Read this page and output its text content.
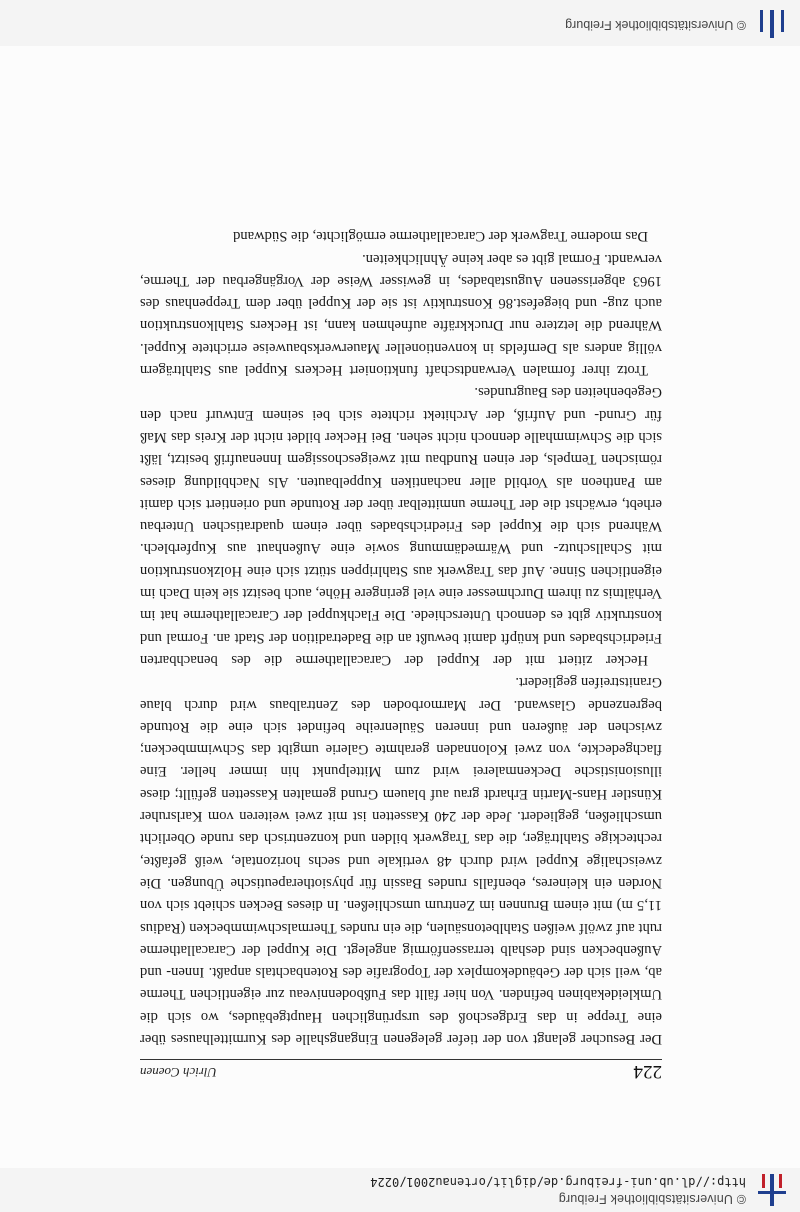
© Universitätsbibliothek Freiburg
http://dl.ub.uni-freiburg.de/diglit/ortenau2001/0224
224
Ulrich Coenen

Der Besucher gelangt von der tiefer gelegenen Eingangshalle des Kurmittelhauses über eine Treppe in das Erdgeschoß des ursprünglichen Hauptgebäudes, wo sich die Umkleidekabinen befinden. Von hier fällt das Fußbodenniveau zur eigentlichen Therme ab, weil sich der Gebäudekomplex der Topografie des Rotenbachtals anpaßt. Innen- und Außenbecken sind deshalb terrassenförmig angelegt. Die Kuppel der Caracallatherme ruht auf zwölf weißen Stahlbetonsäulen, die ein rundes Thermalschwimmbecken (Radius 11,5 m) mit einem Brunnen im Zentrum umschließen. In dieses Becken schiebt sich von Norden ein kleineres, ebenfalls rundes Bassin für physiotherapeutische Übungen. Die zweischalige Kuppel wird durch 48 vertikale und sechs horizontale, weiß gefaßte, rechteckige Stahlträger, die das Tragwerk bilden und konzentrisch das runde Oberlicht umschließen, gegliedert. Jede der 240 Kassetten ist mit zwei weiteren vom Karlsruher Künstler Hans-Martin Erhardt grau auf blauem Grund gemalten Kassetten gefüllt; diese illusionistische Deckenmalerei wird zum Mittelpunkt hin immer heller. Eine flachgedeckte, von zwei Kolonnaden gerahmte Galerie umgibt das Schwimmbecken; zwischen der äußeren und inneren Säulenreihe befindet sich eine die Rotunde begrenzende Glaswand. Der Marmorboden des Zentralbaus wird durch blaue Granitstreifen gegliedert.

Hecker zitiert mit der Kuppel der Caracallatherme die des benachbarten Friedrichsbades und knüpft damit bewußt an die Badetradition der Stadt an. Formal und konstruktiv gibt es dennoch Unterschiede. Die Flachkuppel der Caracallatherme hat im Verhältnis zu ihrem Durchmesser eine viel geringere Höhe, auch besitzt sie kein Dach im eigentlichen Sinne. Auf das Tragwerk aus Stahlrippen stützt sich eine Holzkonstruktion mit Schallschutz- und Wärmedämmung sowie eine Außenhaut aus Kupferblech. Während sich die Kuppel des Friedrichsbades über einem quadratischen Unterbau erhebt, erwächst die der Therme unmittelbar über der Rotunde und orientiert sich damit am Pantheon als Vorbild aller nachantiken Kuppelbauten. Als Nachbildung dieses römischen Tempels, der einen Rundbau mit zweigeschossigem Innenaufriß besitzt, läßt sich die Schwimmhalle dennoch nicht sehen. Bei Hecker bildet nicht der Kreis das Maß für Grund- und Aufriß, der Architekt richtete sich bei seinem Entwurf nach den Gegebenheiten des Baugrundes.

Trotz ihrer formalen Verwandtschaft funktioniert Heckers Kuppel aus Stahlträgern völlig anders als Dernfelds in konventioneller Mauerwerksbauweise errichtete Kuppel. Während die letztere nur Druckkräfte aufnehmen kann, ist Heckers Stahlkonstruktion auch zug- und biegefest.86 Konstruktiv ist sie der Kuppel über dem Treppenhaus des 1963 abgerissenen Augustabades, in gewisser Weise der Vorgängerbau der Therme, verwandt. Formal gibt es aber keine Ähnlichkeiten.

Das moderne Tragwerk der Caracallatherme ermöglichte, die Südwand

© Universitätsbibliothek Freiburg
